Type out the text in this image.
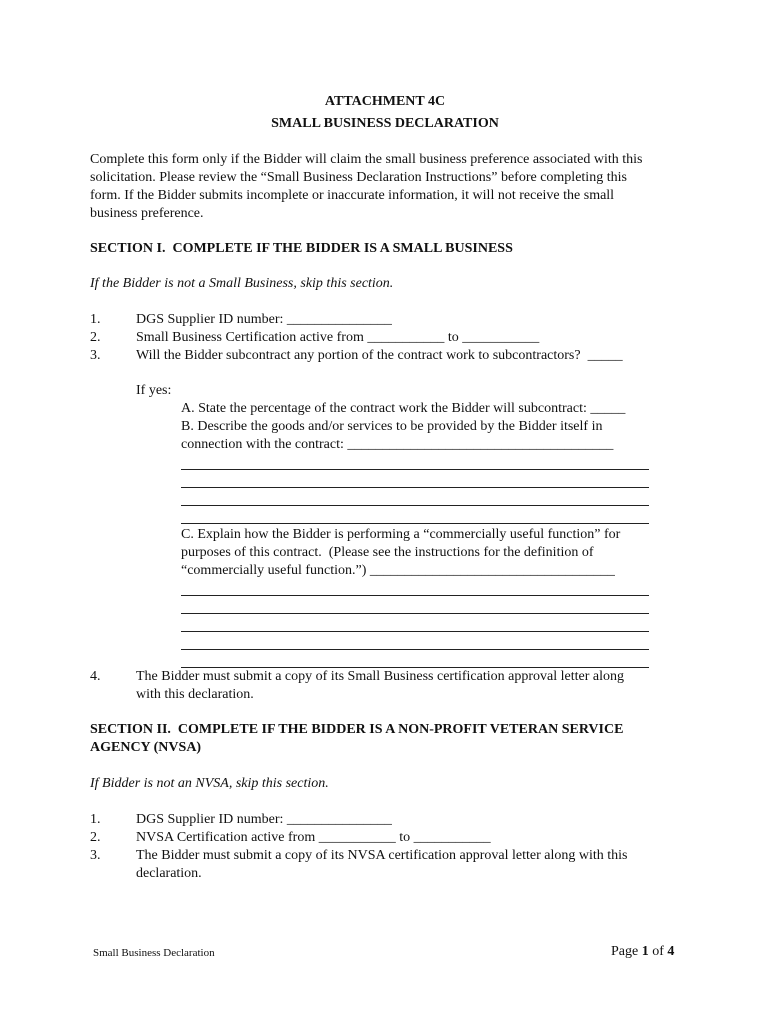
ATTACHMENT 4C
SMALL BUSINESS DECLARATION
Complete this form only if the Bidder will claim the small business preference associated with this
solicitation. Please review the “Small Business Declaration Instructions” before completing this
form. If the Bidder submits incomplete or inaccurate information, it will not receive the small
business preference.
SECTION I.  COMPLETE IF THE BIDDER IS A SMALL BUSINESS
If the Bidder is not a Small Business, skip this section.
1.	DGS Supplier ID number: _______________
2.	Small Business Certification active from ___________ to ___________
3.	Will the Bidder subcontract any portion of the contract work to subcontractors?  _____
If yes:
A. State the percentage of the contract work the Bidder will subcontract: _____
B. Describe the goods and/or services to be provided by the Bidder itself in
connection with the contract: ______________________________________
C. Explain how the Bidder is performing a “commercially useful function” for
purposes of this contract.  (Please see the instructions for the definition of
“commercially useful function.”) ___________________________________
4.	The Bidder must submit a copy of its Small Business certification approval letter along
with this declaration.
SECTION II.  COMPLETE IF THE BIDDER IS A NON-PROFIT VETERAN SERVICE
AGENCY (NVSA)
If Bidder is not an NVSA, skip this section.
1.	DGS Supplier ID number: _______________
2.	NVSA Certification active from ___________ to ___________
3.	The Bidder must submit a copy of its NVSA certification approval letter along with this
declaration.
Small Business Declaration	Page 1 of 4
